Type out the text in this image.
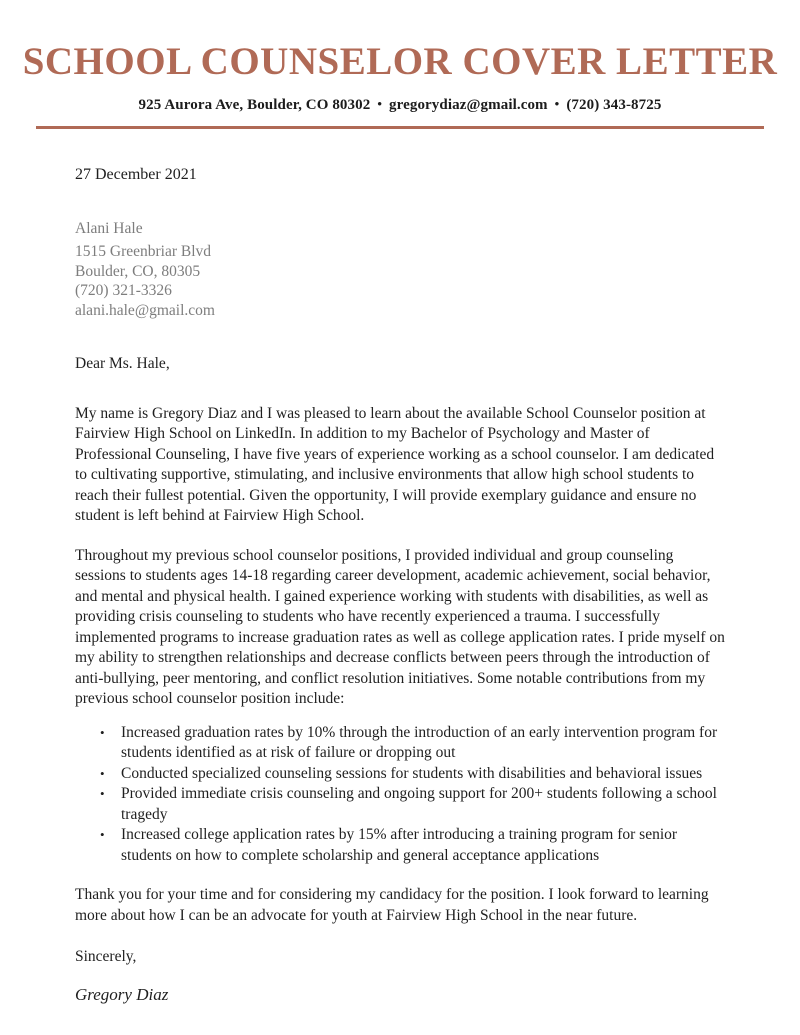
SCHOOL COUNSELOR COVER LETTER
925 Aurora Ave, Boulder, CO 80302 • gregorydiaz@gmail.com • (720) 343-8725
27 December 2021
Alani Hale
1515 Greenbriar Blvd
Boulder, CO, 80305
(720) 321-3326
alani.hale@gmail.com
Dear Ms. Hale,

My name is Gregory Diaz and I was pleased to learn about the available School Counselor position at Fairview High School on LinkedIn. In addition to my Bachelor of Psychology and Master of Professional Counseling, I have five years of experience working as a school counselor. I am dedicated to cultivating supportive, stimulating, and inclusive environments that allow high school students to reach their fullest potential. Given the opportunity, I will provide exemplary guidance and ensure no student is left behind at Fairview High School.

Throughout my previous school counselor positions, I provided individual and group counseling sessions to students ages 14-18 regarding career development, academic achievement, social behavior, and mental and physical health. I gained experience working with students with disabilities, as well as providing crisis counseling to students who have recently experienced a trauma. I successfully implemented programs to increase graduation rates as well as college application rates. I pride myself on my ability to strengthen relationships and decrease conflicts between peers through the introduction of anti-bullying, peer mentoring, and conflict resolution initiatives. Some notable contributions from my previous school counselor position include:

• Increased graduation rates by 10% through the introduction of an early intervention program for students identified as at risk of failure or dropping out
• Conducted specialized counseling sessions for students with disabilities and behavioral issues
• Provided immediate crisis counseling and ongoing support for 200+ students following a school tragedy
• Increased college application rates by 15% after introducing a training program for senior students on how to complete scholarship and general acceptance applications

Thank you for your time and for considering my candidacy for the position. I look forward to learning more about how I can be an advocate for youth at Fairview High School in the near future.

Sincerely,
Gregory Diaz
